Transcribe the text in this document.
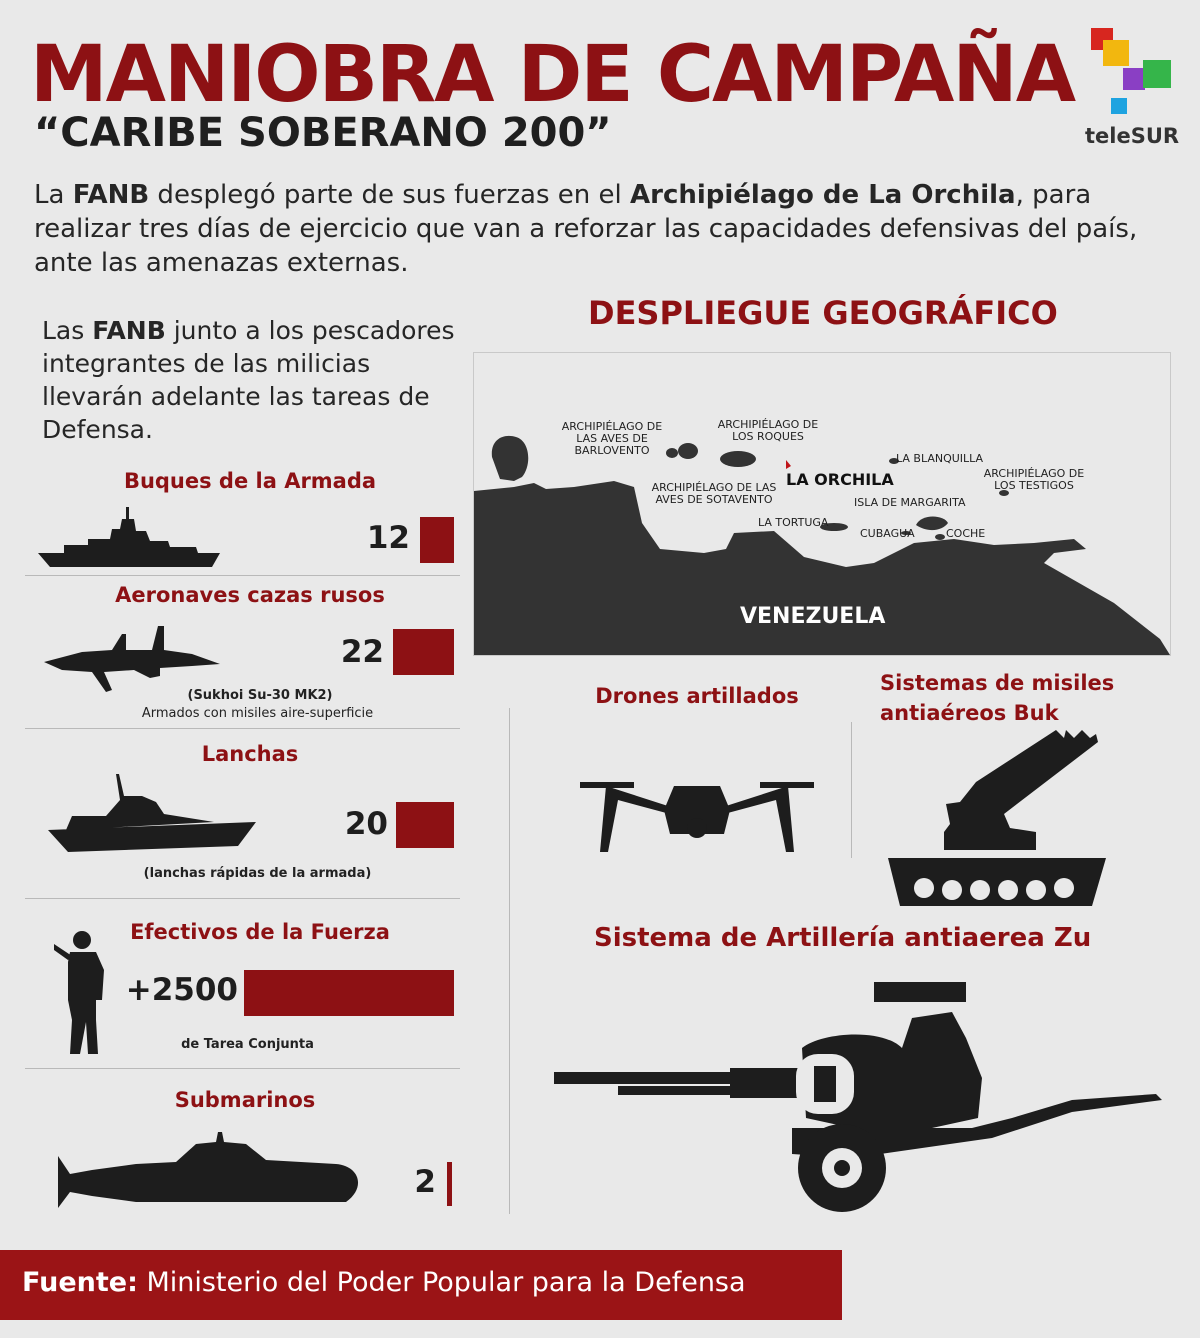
MANIOBRA DE CAMPAÑA
“CARIBE SOBERANO 200”	teleSUR
La FANB desplegó parte de sus fuerzas en el Archipiélago de La Orchila, para realizar tres días de ejercicio que van a reforzar las capacidades defensivas del país, ante las amenazas externas.
Las FANB junto a los pescadores integrantes de las milicias llevarán adelante las tareas de Defensa.
Buques de la Armada
12
Aeronaves cazas rusos
22
(Sukhoi Su-30 MK2)
Armados con misiles aire-superficie
Lanchas
20
(lanchas rápidas de la armada)
Efectivos de la Fuerza
+2500
de Tarea Conjunta
Submarinos
2
DESPLIEGUE GEOGRÁFICO
ARCHIPIÉLAGO DE LAS AVES DE BARLOVENTO
ARCHIPIÉLAGO DE LOS ROQUES
LA BLANQUILLA
ARCHIPIÉLAGO DE LOS TESTIGOS
LA ORCHILA
ARCHIPIÉLAGO DE LAS AVES DE SOTAVENTO	ISLA DE MARGARITA
LA TORTUGA
CUBAGUA	COCHE
VENEZUELA
Drones artillados
Sistemas de misiles antiaéreos Buk
Sistema de Artillería antiaerea Zu
Fuente: Ministerio del Poder Popular para la Defensa
